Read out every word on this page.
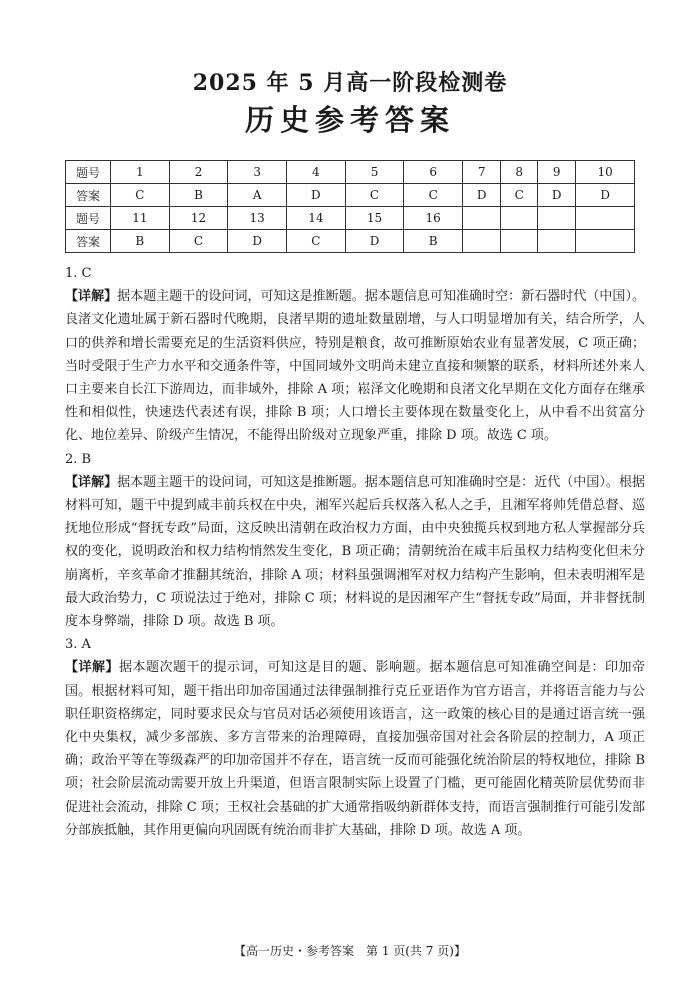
2025 年 5 月高一阶段检测卷
历史参考答案
题号	1	2	3	4	5	6	7	8	9	10
答案	C	B	A	D	C	C	D	C	D	D
题号	11	12	13	14	15	16				
答案	B	C	D	C	D	B				

1. C

【详解】据本题主题干的设问词，可知这是推断题。据本题信息可知准确时空：新石器时代（中国）。良渚文化遗址属于新石器时代晚期，良渚早期的遗址数量剧增，与人口明显增加有关，结合所学，人口的供养和增长需要充足的生活资料供应，特别是粮食，故可推断原始农业有显著发展，C 项正确；当时受限于生产力水平和交通条件等，中国同域外文明尚未建立直接和频繁的联系，材料所述外来人口主要来自长江下游周边，而非域外，排除 A 项；崧泽文化晚期和良渚文化早期在文化方面存在继承性和相似性，快速迭代表述有误，排除 B 项；人口增长主要体现在数量变化上，从中看不出贫富分化、地位差异、阶级产生情况，不能得出阶级对立现象严重，排除 D 项。故选 C 项。

2. B

【详解】据本题主题干的设问词，可知这是推断题。据本题信息可知准确时空是：近代（中国）。根据材料可知，题干中提到咸丰前兵权在中央，湘军兴起后兵权落入私人之手，且湘军将帅凭借总督、巡抚地位形成“督抚专政”局面，这反映出清朝在政治权力方面，由中央独揽兵权到地方私人掌握部分兵权的变化，说明政治和权力结构悄然发生变化，B 项正确；清朝统治在咸丰后虽权力结构变化但未分崩离析，辛亥革命才推翻其统治，排除 A 项；材料虽强调湘军对权力结构产生影响，但未表明湘军是最大政治势力，C 项说法过于绝对，排除 C 项；材料说的是因湘军产生“督抚专政”局面，并非督抚制度本身弊端，排除 D 项。故选 B 项。

3. A

【详解】据本题次题干的提示词，可知这是目的题、影响题。据本题信息可知准确空间是：印加帝国。根据材料可知，题干指出印加帝国通过法律强制推行克丘亚语作为官方语言，并将语言能力与公职任职资格绑定，同时要求民众与官员对话必须使用该语言，这一政策的核心目的是通过语言统一强化中央集权，减少多部族、多方言带来的治理障碍，直接加强帝国对社会各阶层的控制力，A 项正确；政治平等在等级森严的印加帝国并不存在，语言统一反而可能强化统治阶层的特权地位，排除 B 项；社会阶层流动需要开放上升渠道，但语言限制实际上设置了门槛，更可能固化精英阶层优势而非促进社会流动，排除 C 项；王权社会基础的扩大通常指吸纳新群体支持，而语言强制推行可能引发部分部族抵触，其作用更偏向巩固既有统治而非扩大基础，排除 D 项。故选 A 项。

【高一历史・参考答案　第 1 页(共 7 页)】
